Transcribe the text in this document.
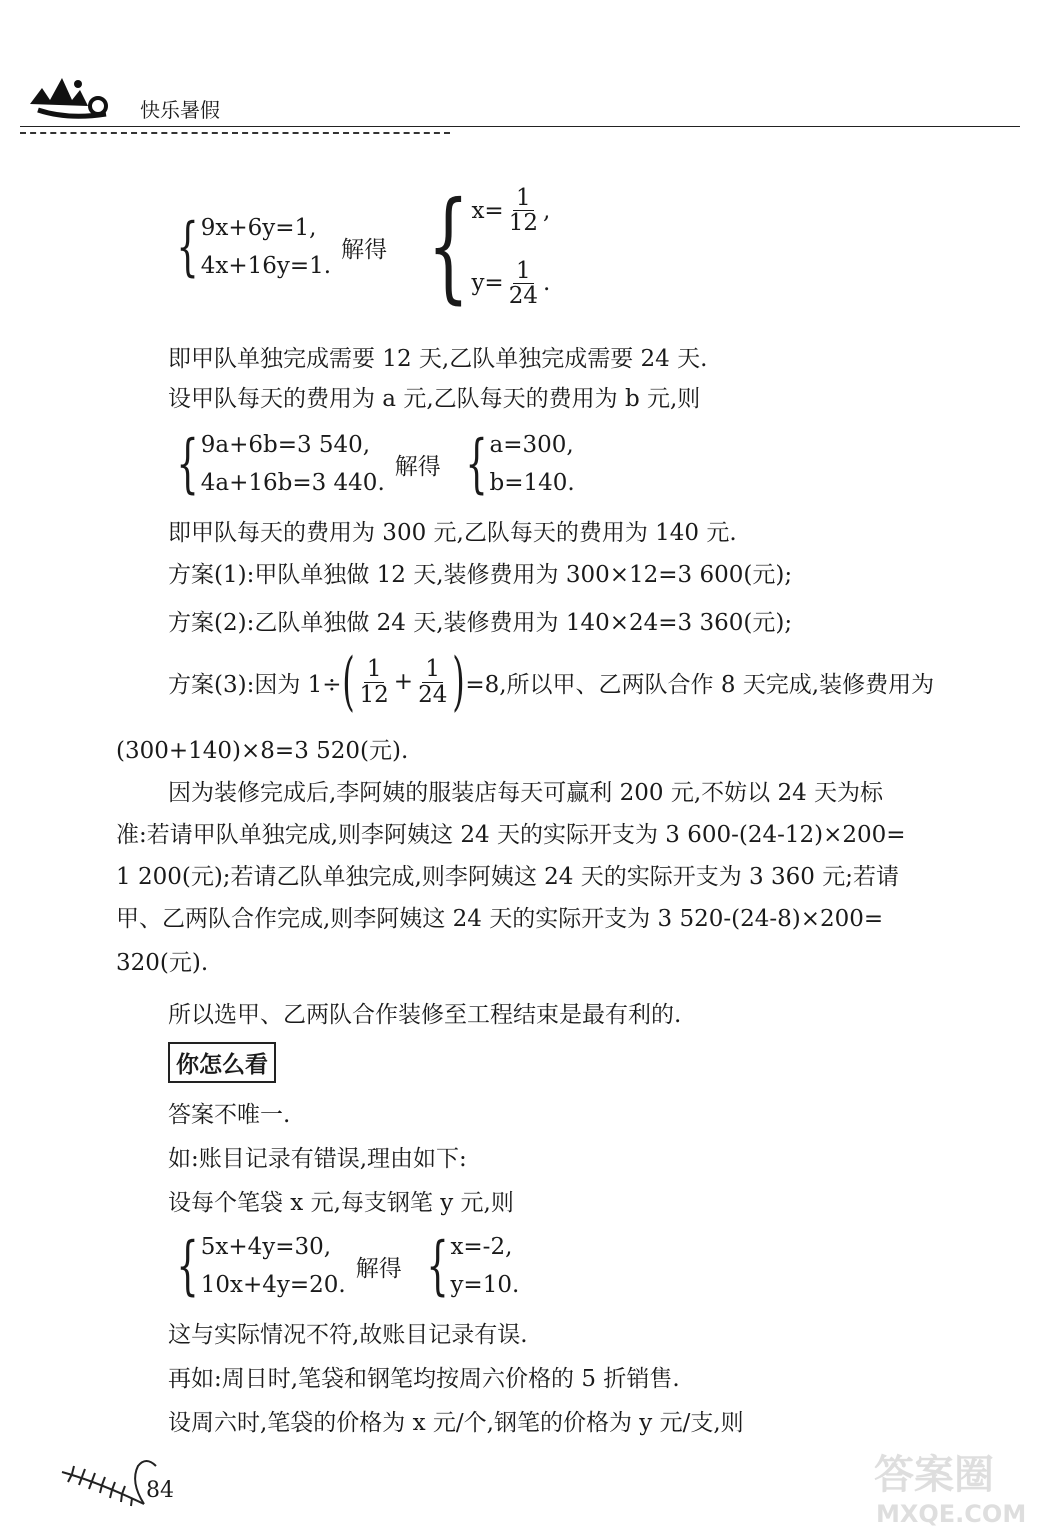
快乐暑假
{ 9x+6y=1,
4x+16y=1.
解得 { $x= \frac{1}{12}$ ,
$y= \frac{1}{24}$ .
即甲队单独完成需要 12 天,乙队单独完成需要 24 天.
设甲队每天的费用为 a 元,乙队每天的费用为 b 元,则
{ 9a+6b=3 540,
4a+16b=3 440.
解得 { a=300,
b=140.
即甲队每天的费用为 300 元,乙队每天的费用为 140 元.
方案(1):甲队单独做 12 天,装修费用为 300×12=3 600(元);
方案(2):乙队单独做 24 天,装修费用为 140×24=3 360(元);
方案(3):因为 1÷ ( $\frac{1}{12} + \frac{1}{24}$ ) =8,所以甲、乙两队合作 8 天完成,装修费用为
(300+140)×8=3 520(元).
因为装修完成后,李阿姨的服装店每天可赢利 200 元,不妨以 24 天为标
准:若请甲队单独完成,则李阿姨这 24 天的实际开支为 3 600-(24-12)×200=
1 200(元);若请乙队单独完成,则李阿姨这 24 天的实际开支为 3 360 元;若请
甲、乙两队合作完成,则李阿姨这 24 天的实际开支为 3 520-(24-8)×200=
320(元).
所以选甲、乙两队合作装修至工程结束是最有利的.
你怎么看
答案不唯一.
如:账目记录有错误,理由如下:
设每个笔袋 x 元,每支钢笔 y 元,则
{ 5x+4y=30,
10x+4y=20.
解得 { x=-2,
y=10.
这与实际情况不符,故账目记录有误.
再如:周日时,笔袋和钢笔均按周六价格的 5 折销售.
设周六时,笔袋的价格为 x 元/个,钢笔的价格为 y 元/支,则
84	答案圈
MXQE.COM
